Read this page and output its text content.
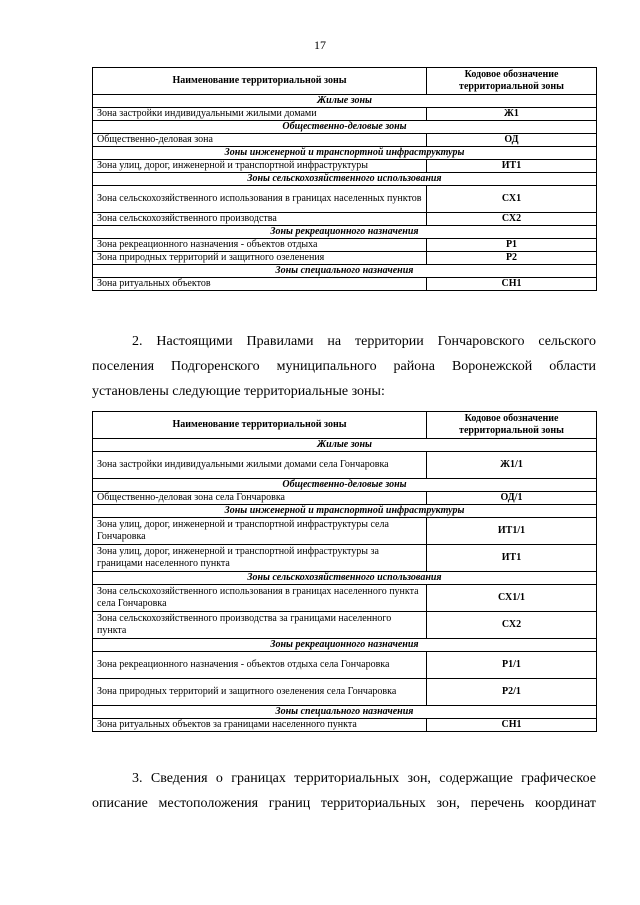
17
Наименование территориальной зоны	Кодовое обозначение территориальной зоны
Жилые зоны	
Зона застройки индивидуальными жилыми домами	Ж1
Общественно-деловые зоны	
Общественно-деловая зона	ОД
Зоны инженерной и транспортной инфраструктуры	
Зона улиц, дорог, инженерной и транспортной инфраструктуры	ИТ1
Зоны сельскохозяйственного использования	
Зона сельскохозяйственного использования в границах населенных пунктов	СХ1
Зона сельскохозяйственного производства	СХ2
Зоны рекреационного назначения	
Зона рекреационного назначения - объектов отдыха	Р1
Зона природных территорий и защитного озеленения	Р2
Зоны специального назначения	
Зона ритуальных объектов	СН1
2. Настоящими Правилами на территории Гончаровского сельского
поселения Подгоренского муниципального района Воронежской области
установлены следующие территориальные зоны:
Наименование территориальной зоны	Кодовое обозначение территориальной зоны
Жилые зоны	
Зона застройки индивидуальными жилыми домами села Гончаровка	Ж1/1
Общественно-деловые зоны	
Общественно-деловая зона села Гончаровка	ОД/1
Зоны инженерной и транспортной инфраструктуры	
Зона улиц, дорог, инженерной и транспортной инфраструктуры села Гончаровка	ИТ1/1
Зона улиц, дорог, инженерной и транспортной инфраструктуры за границами населенного пункта	ИТ1
Зоны сельскохозяйственного использования	
Зона сельскохозяйственного использования в границах населенного пункта села Гончаровка	СХ1/1
Зона сельскохозяйственного производства за границами населенного пункта	СХ2
Зоны рекреационного назначения	
Зона рекреационного назначения - объектов отдыха села Гончаровка	Р1/1
Зона природных территорий и защитного озеленения села Гончаровка	Р2/1
Зоны специального назначения	
Зона ритуальных объектов за границами населенного пункта	СН1
3. Сведения о границах территориальных зон, содержащие графическое
описание местоположения границ территориальных зон, перечень координат
